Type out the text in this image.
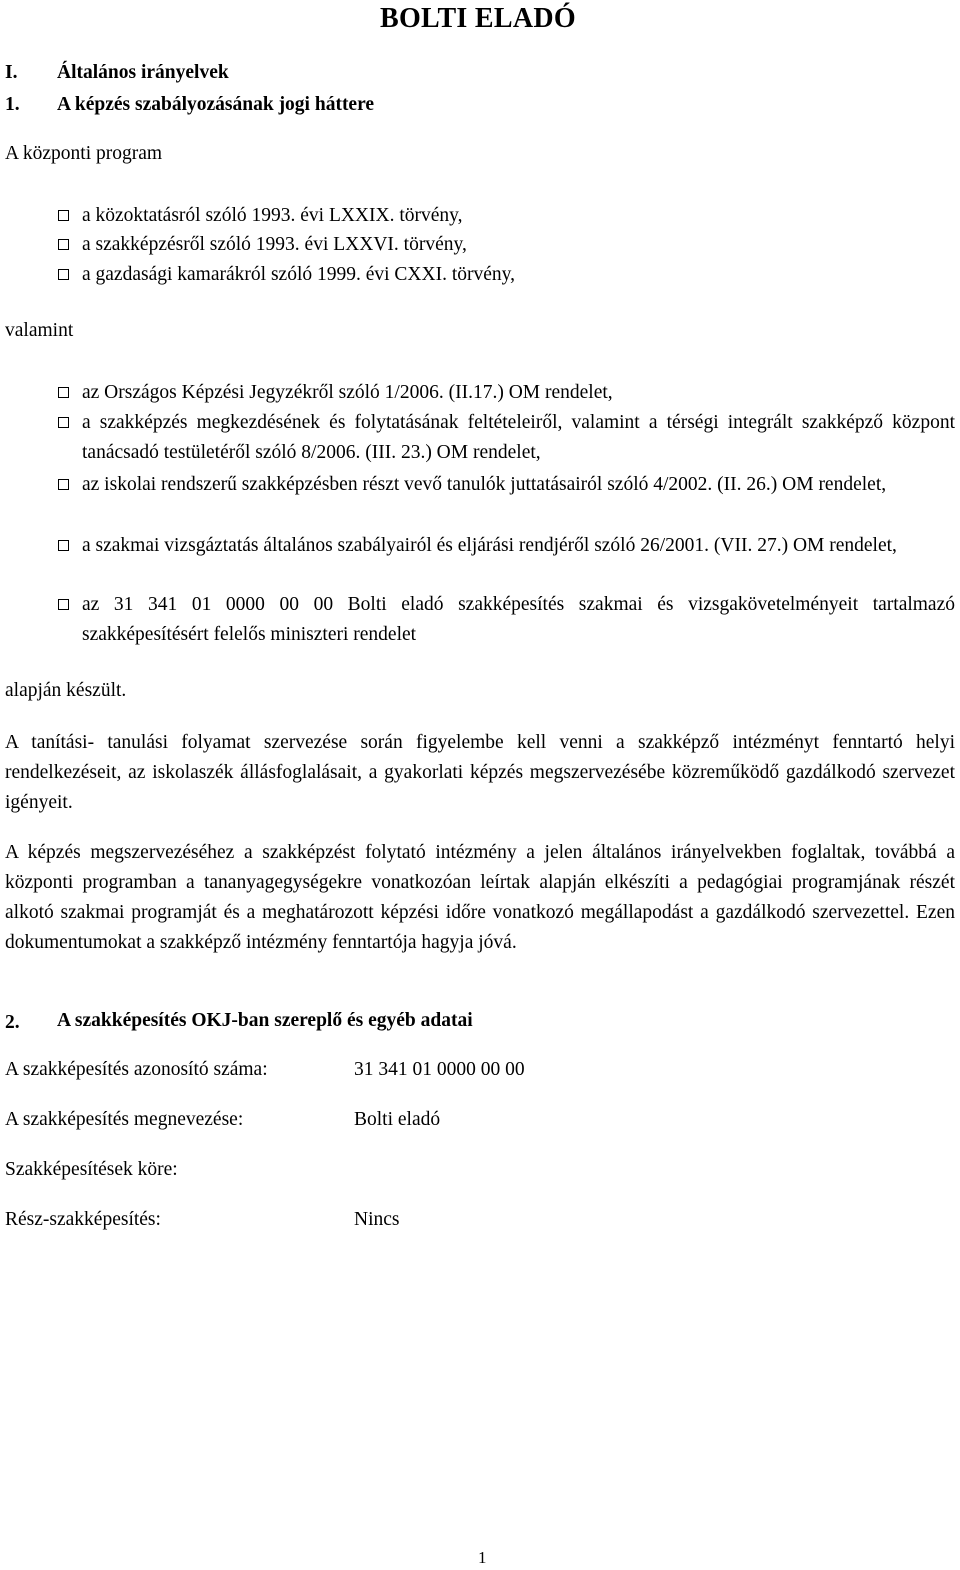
BOLTI ELADÓ
I. Általános irányelvek
1. A képzés szabályozásának jogi háttere
A központi program
a közoktatásról szóló 1993. évi LXXIX. törvény,
a szakképzésről szóló 1993. évi LXXVI. törvény,
a gazdasági kamarákról szóló 1999. évi CXXI. törvény,
valamint
az Országos Képzési Jegyzékről szóló 1/2006. (II.17.) OM rendelet,
a szakképzés megkezdésének és folytatásának feltételeiről, valamint a térségi integrált szakképző központ tanácsadó testületéről szóló 8/2006. (III. 23.) OM rendelet,
az iskolai rendszerű szakképzésben részt vevő tanulók juttatásairól szóló 4/2002. (II. 26.) OM rendelet,
a szakmai vizsgáztatás általános szabályairól és eljárási rendjéről szóló 26/2001. (VII. 27.) OM rendelet,
az 31 341 01 0000 00 00 Bolti eladó szakképesítés szakmai és vizsgakövetelményeit tartalmazó szakképesítésért felelős miniszteri rendelet
alapján készült.
A tanítási- tanulási folyamat szervezése során figyelembe kell venni a szakképző intézményt fenntartó helyi rendelkezéseit, az iskolaszék állásfoglalásait, a gyakorlati képzés megszervezésébe közreműködő gazdálkodó szervezet igényeit.
A képzés megszervezéséhez a szakképzést folytató intézmény a jelen általános irányelvekben foglaltak, továbbá a központi programban a tananyagegységekre vonatkozóan leírtak alapján elkészíti a pedagógiai programjának részét alkotó szakmai programját és a meghatározott képzési időre vonatkozó megállapodást a gazdálkodó szervezettel. Ezen dokumentumokat a szakképző intézmény fenntartója hagyja jóvá.
2. A szakképesítés OKJ-ban szereplő és egyéb adatai
A szakképesítés azonosító száma:	31 341 01 0000 00 00
A szakképesítés megnevezése:	Bolti eladó
Szakképesítések köre:
Rész-szakképesítés:	Nincs
1
